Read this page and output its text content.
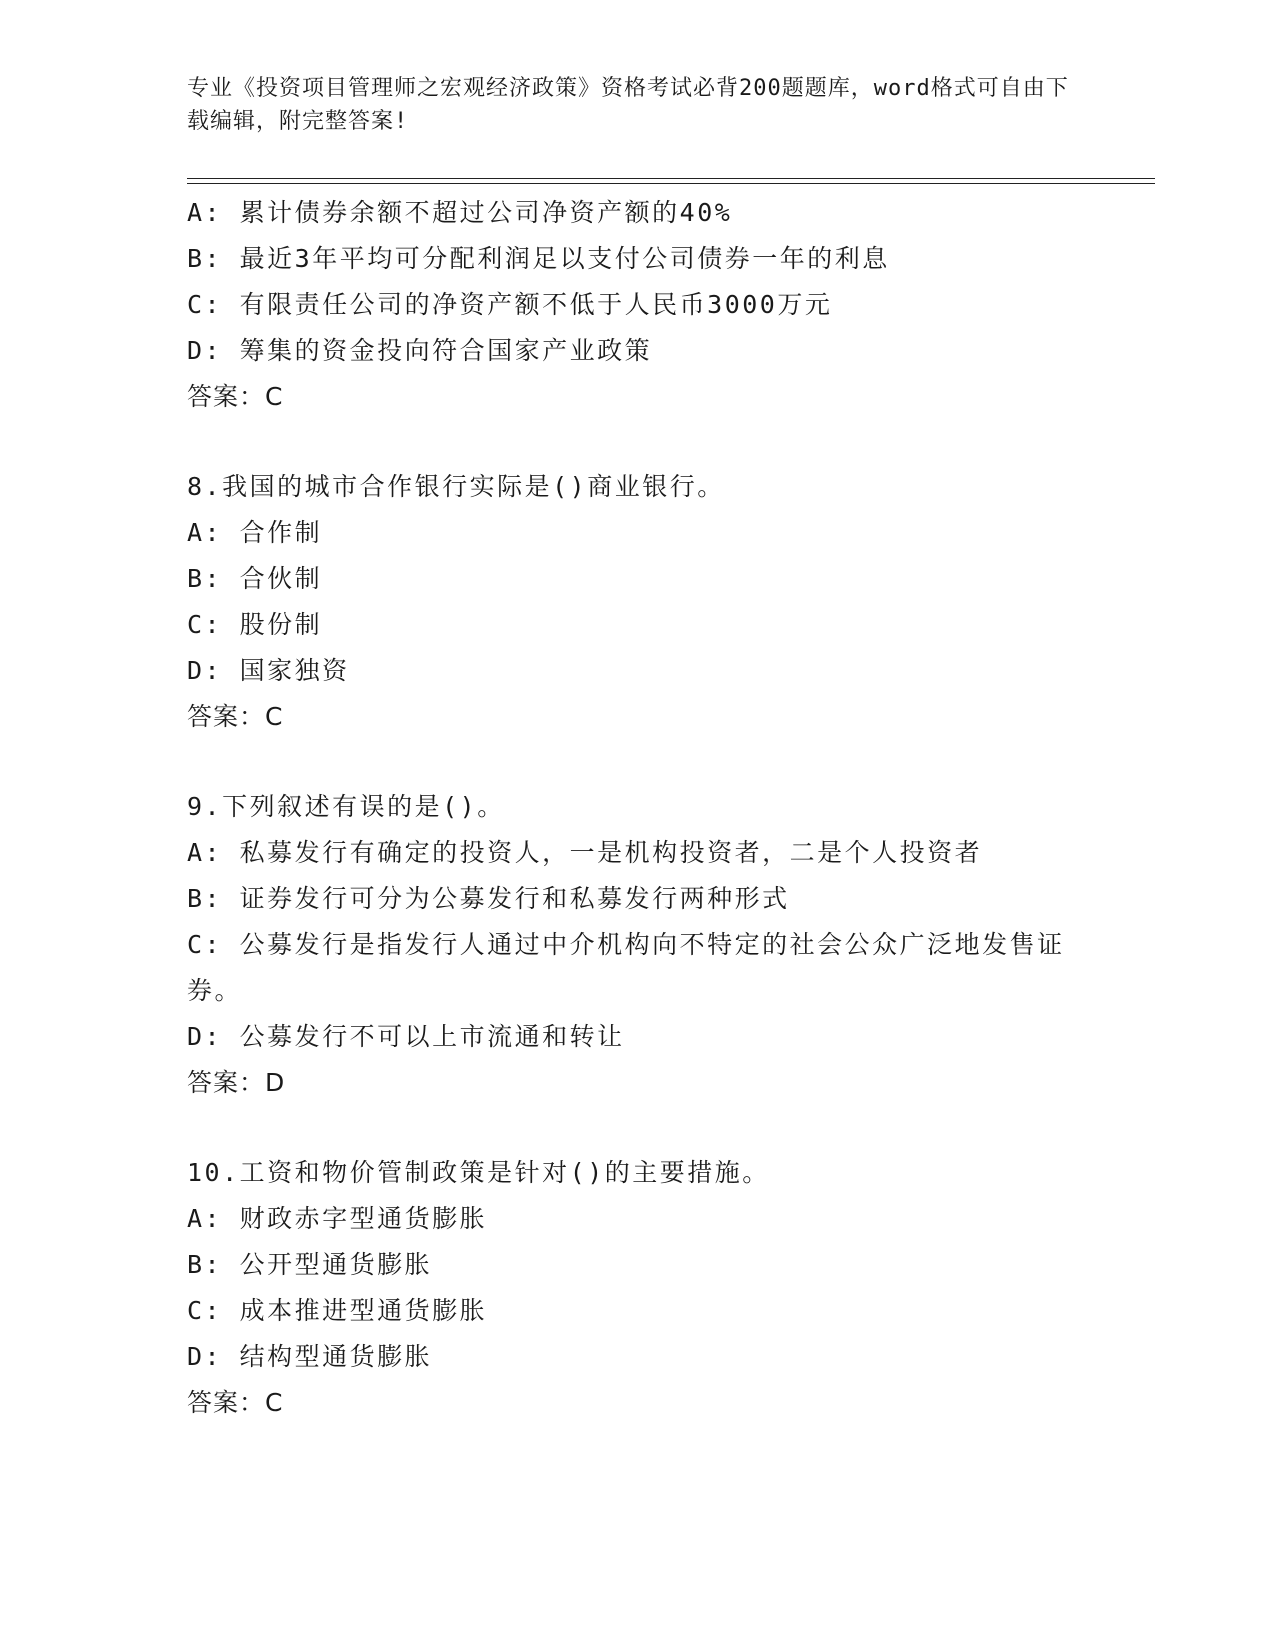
专业《投资项目管理师之宏观经济政策》资格考试必背200题题库，word格式可自由下载编辑，附完整答案!
A: 累计债券余额不超过公司净资产额的40%
B: 最近3年平均可分配利润足以支付公司债券一年的利息
C: 有限责任公司的净资产额不低于人民币3000万元
D: 筹集的资金投向符合国家产业政策
答案：C
8.我国的城市合作银行实际是()商业银行。
A: 合作制
B: 合伙制
C: 股份制
D: 国家独资
答案：C
9.下列叙述有误的是()。
A: 私募发行有确定的投资人，一是机构投资者，二是个人投资者
B: 证券发行可分为公募发行和私募发行两种形式
C: 公募发行是指发行人通过中介机构向不特定的社会公众广泛地发售证券。
D: 公募发行不可以上市流通和转让
答案：D
10.工资和物价管制政策是针对()的主要措施。
A: 财政赤字型通货膨胀
B: 公开型通货膨胀
C: 成本推进型通货膨胀
D: 结构型通货膨胀
答案：C
